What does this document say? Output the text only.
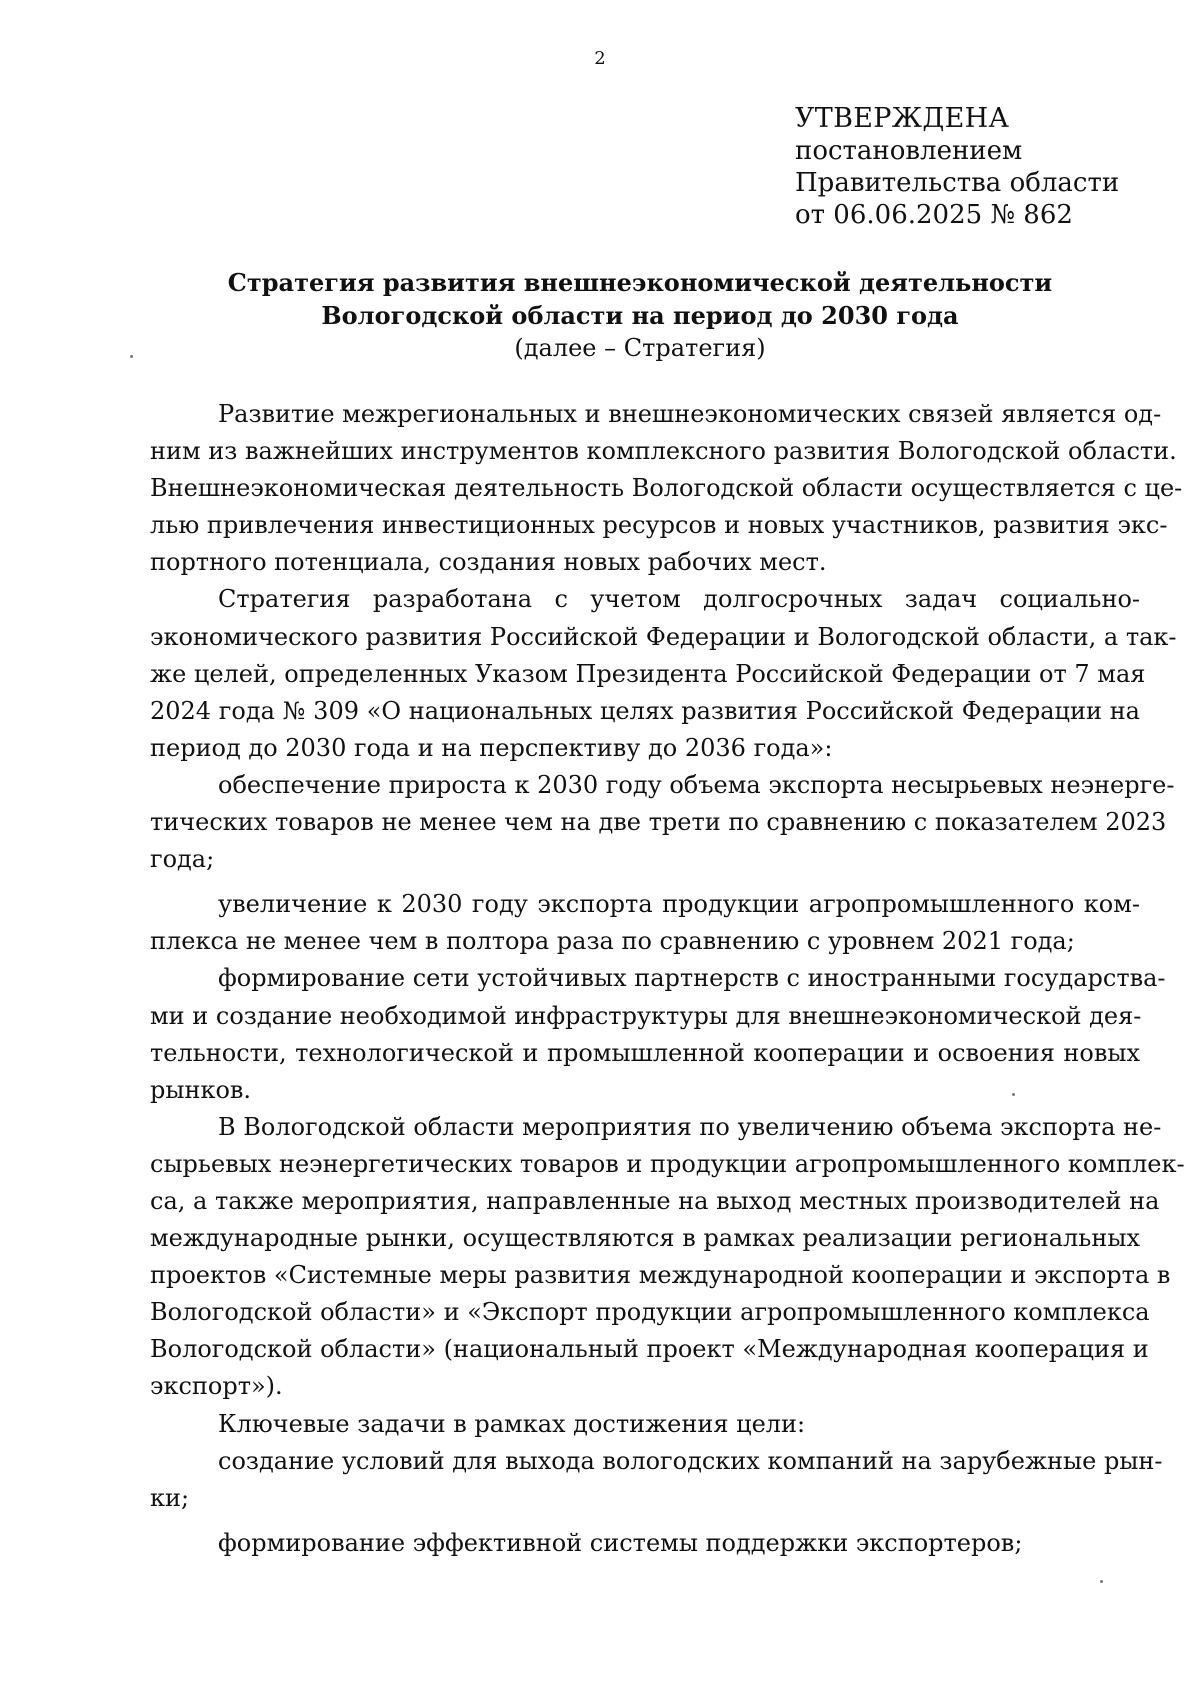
2
УТВЕРЖДЕНА
постановлением
Правительства области
от 06.06.2025 № 862
Стратегия развития внешнеэкономической деятельности
Вологодской области на период до 2030 года
(далее – Стратегия)
Развитие межрегиональных и внешнеэкономических связей является од-
ним из важнейших инструментов комплексного развития Вологодской области.
Внешнеэкономическая деятельность Вологодской области осуществляется с це-
лью привлечения инвестиционных ресурсов и новых участников, развития экс-
портного потенциала, создания новых рабочих мест.
Стратегия разработана с учетом долгосрочных задач социально-
экономического развития Российской Федерации и Вологодской области, а так-
же целей, определенных Указом Президента Российской Федерации от 7 мая
2024 года № 309 «О национальных целях развития Российской Федерации на
период до 2030 года и на перспективу до 2036 года»:
обеспечение прироста к 2030 году объема экспорта несырьевых неэнерге-
тических товаров не менее чем на две трети по сравнению с показателем 2023
года;
увеличение к 2030 году экспорта продукции агропромышленного ком-
плекса не менее чем в полтора раза по сравнению с уровнем 2021 года;
формирование сети устойчивых партнерств с иностранными государства-
ми и создание необходимой инфраструктуры для внешнеэкономической дея-
тельности, технологической и промышленной кооперации и освоения новых
рынков.
В Вологодской области мероприятия по увеличению объема экспорта не-
сырьевых неэнергетических товаров и продукции агропромышленного комплек-
са, а также мероприятия, направленные на выход местных производителей на
международные рынки, осуществляются в рамках реализации региональных
проектов «Системные меры развития международной кооперации и экспорта в
Вологодской области» и «Экспорт продукции агропромышленного комплекса
Вологодской области» (национальный проект «Международная кооперация и
экспорт»).
Ключевые задачи в рамках достижения цели:
создание условий для выхода вологодских компаний на зарубежные рын-
ки;
формирование эффективной системы поддержки экспортеров;
